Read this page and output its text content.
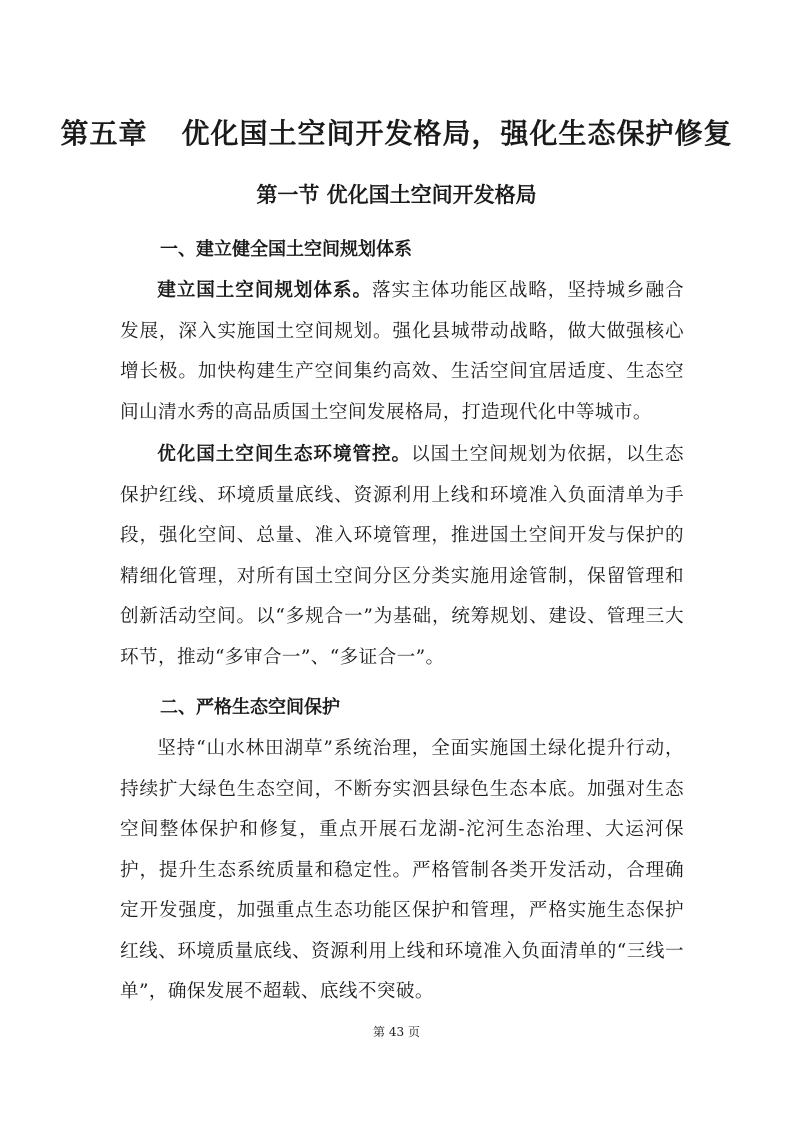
第五章 优化国土空间开发格局，强化生态保护修复
第一节 优化国土空间开发格局
一、建立健全国土空间规划体系

建立国土空间规划体系。落实主体功能区战略，坚持城乡融合发展，深入实施国土空间规划。强化县城带动战略，做大做强核心增长极。加快构建生产空间集约高效、生活空间宜居适度、生态空间山清水秀的高品质国土空间发展格局，打造现代化中等城市。

优化国土空间生态环境管控。以国土空间规划为依据，以生态保护红线、环境质量底线、资源利用上线和环境准入负面清单为手段，强化空间、总量、准入环境管理，推进国土空间开发与保护的精细化管理，对所有国土空间分区分类实施用途管制，保留管理和创新活动空间。以“多规合一”为基础，统筹规划、建设、管理三大环节，推动“多审合一”、“多证合一”。

二、严格生态空间保护

坚持“山水林田湖草”系统治理，全面实施国土绿化提升行动，持续扩大绿色生态空间，不断夯实泗县绿色生态本底。加强对生态空间整体保护和修复，重点开展石龙湖-沱河生态治理、大运河保护，提升生态系统质量和稳定性。严格管制各类开发活动，合理确定开发强度，加强重点生态功能区保护和管理，严格实施生态保护红线、环境质量底线、资源利用上线和环境准入负面清单的“三线一单”，确保发展不超载、底线不突破。

第 43 页
